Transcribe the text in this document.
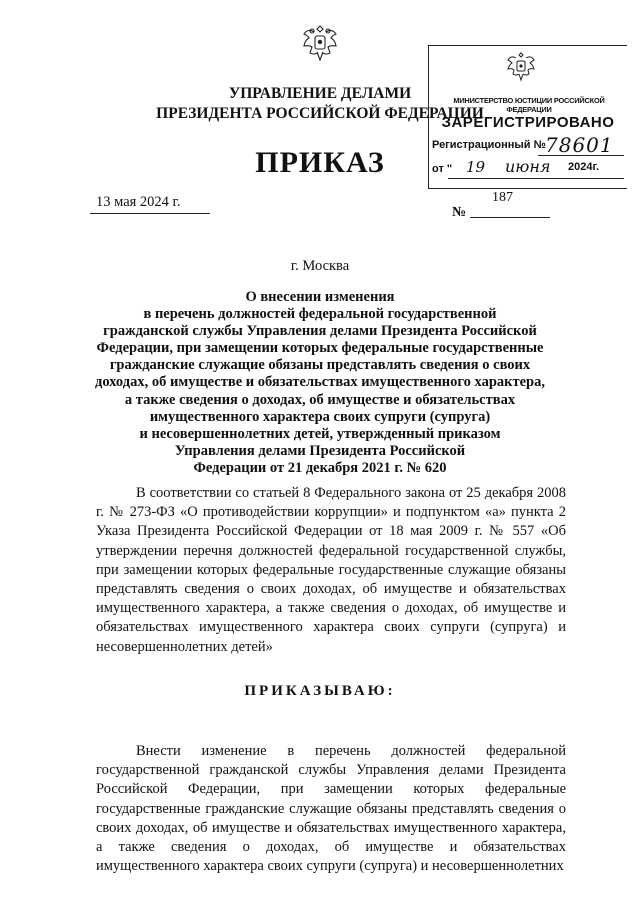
УПРАВЛЕНИЕ ДЕЛАМИ
ПРЕЗИДЕНТА РОССИЙСКОЙ ФЕДЕРАЦИИ
ПРИКАЗ
13 мая 2024 г.	187
№
г. Москва
МИНИСТЕРСТВО ЮСТИЦИИ РОССИЙСКОЙ ФЕДЕРАЦИИ
ЗАРЕГИСТРИРОВАНО
Регистрационный № 78601
от " 19 июня 2024г.
О внесении изменения
в перечень должностей федеральной государственной
гражданской службы Управления делами Президента Российской
Федерации, при замещении которых федеральные государственные
гражданские служащие обязаны представлять сведения о своих
доходах, об имуществе и обязательствах имущественного характера,
а также сведения о доходах, об имуществе и обязательствах
имущественного характера своих супруги (супруга)
и несовершеннолетних детей, утвержденный приказом
Управления делами Президента Российской
Федерации от 21 декабря 2021 г. № 620
В соответствии со статьей 8 Федерального закона от 25 декабря 2008 г. № 273-ФЗ «О противодействии коррупции» и подпунктом «а» пункта 2 Указа Президента Российской Федерации от 18 мая 2009 г. № 557 «Об утверждении перечня должностей федеральной государственной службы, при замещении которых федеральные государственные служащие обязаны представлять сведения о своих доходах, об имуществе и обязательствах имущественного характера, а также сведения о доходах, об имуществе и обязательствах имущественного характера своих супруги (супруга) и несовершеннолетних детей»
ПРИКАЗЫВАЮ:
Внести изменение в перечень должностей федеральной государственной гражданской службы Управления делами Президента Российской Федерации, при замещении которых федеральные государственные гражданские служащие обязаны представлять сведения о своих доходах, об имуществе и обязательствах имущественного характера, а также сведения о доходах, об имуществе и обязательствах имущественного характера своих супруги (супруга) и несовершеннолетних
